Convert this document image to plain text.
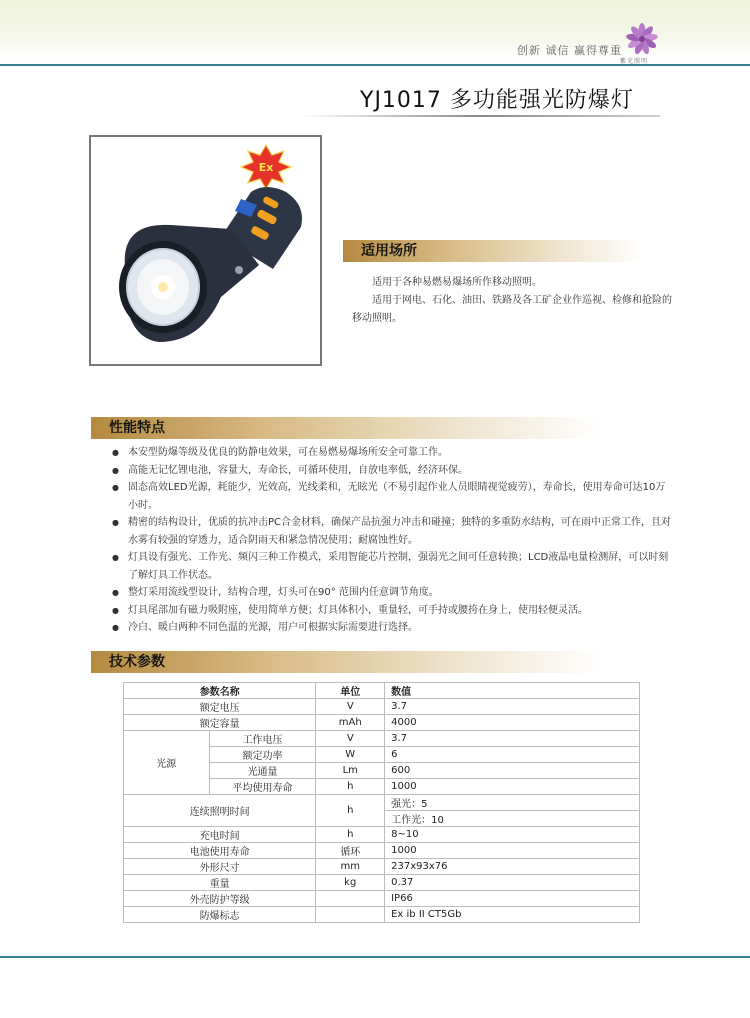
创新 诚信 赢得尊重
紫光照明
YJ1017 多功能强光防爆灯
Ex
适用场所

适用于各种易燃易爆场所作移动照明。

适用于网电、石化、油田、铁路及各工矿企业作巡视、检修和抢险的移动照明。

性能特点
● 本安型防爆等级及优良的防静电效果，可在易燃易爆场所安全可靠工作。
● 高能无记忆锂电池，容量大，寿命长，可循环使用，自放电率低，经济环保。
● 固态高效LED光源，耗能少，光效高，光线柔和，无眩光（不易引起作业人员眼睛视觉疲劳），寿命长，使用寿命可达10万小时。
● 精密的结构设计，优质的抗冲击PC合金材料，确保产品抗强力冲击和碰撞；独特的多重防水结构，可在雨中正常工作，且对水雾有较强的穿透力，适合阴雨天和紧急情况使用；耐腐蚀性好。
● 灯具设有强光、工作光、频闪三种工作模式，采用智能芯片控制，强弱光之间可任意转换；LCD液晶电量检测屏，可以时刻了解灯具工作状态。
● 整灯采用流线型设计，结构合理，灯头可在90° 范围内任意调节角度。
● 灯具尾部加有磁力吸附座，使用简单方便；灯具体积小，重量轻，可手持或腰挎在身上，使用轻便灵活。
● 冷白、暖白两种不同色温的光源，用户可根据实际需要进行选择。
技术参数
参数名称		单位	数值
额定电压		V	3.7
额定容量		mAh	4000
光源	工作电压	V	3.7
	额定功率	W	6
	光通量	Lm	600
	平均使用寿命	h	1000
连续照明时间		h	强光：5
			工作光：10
充电时间		h	8~10
电池使用寿命		循环	1000
外形尺寸		mm	237x93x76
重量		kg	0.37
外壳防护等级			IP66
防爆标志			Ex ib II CT5Gb
